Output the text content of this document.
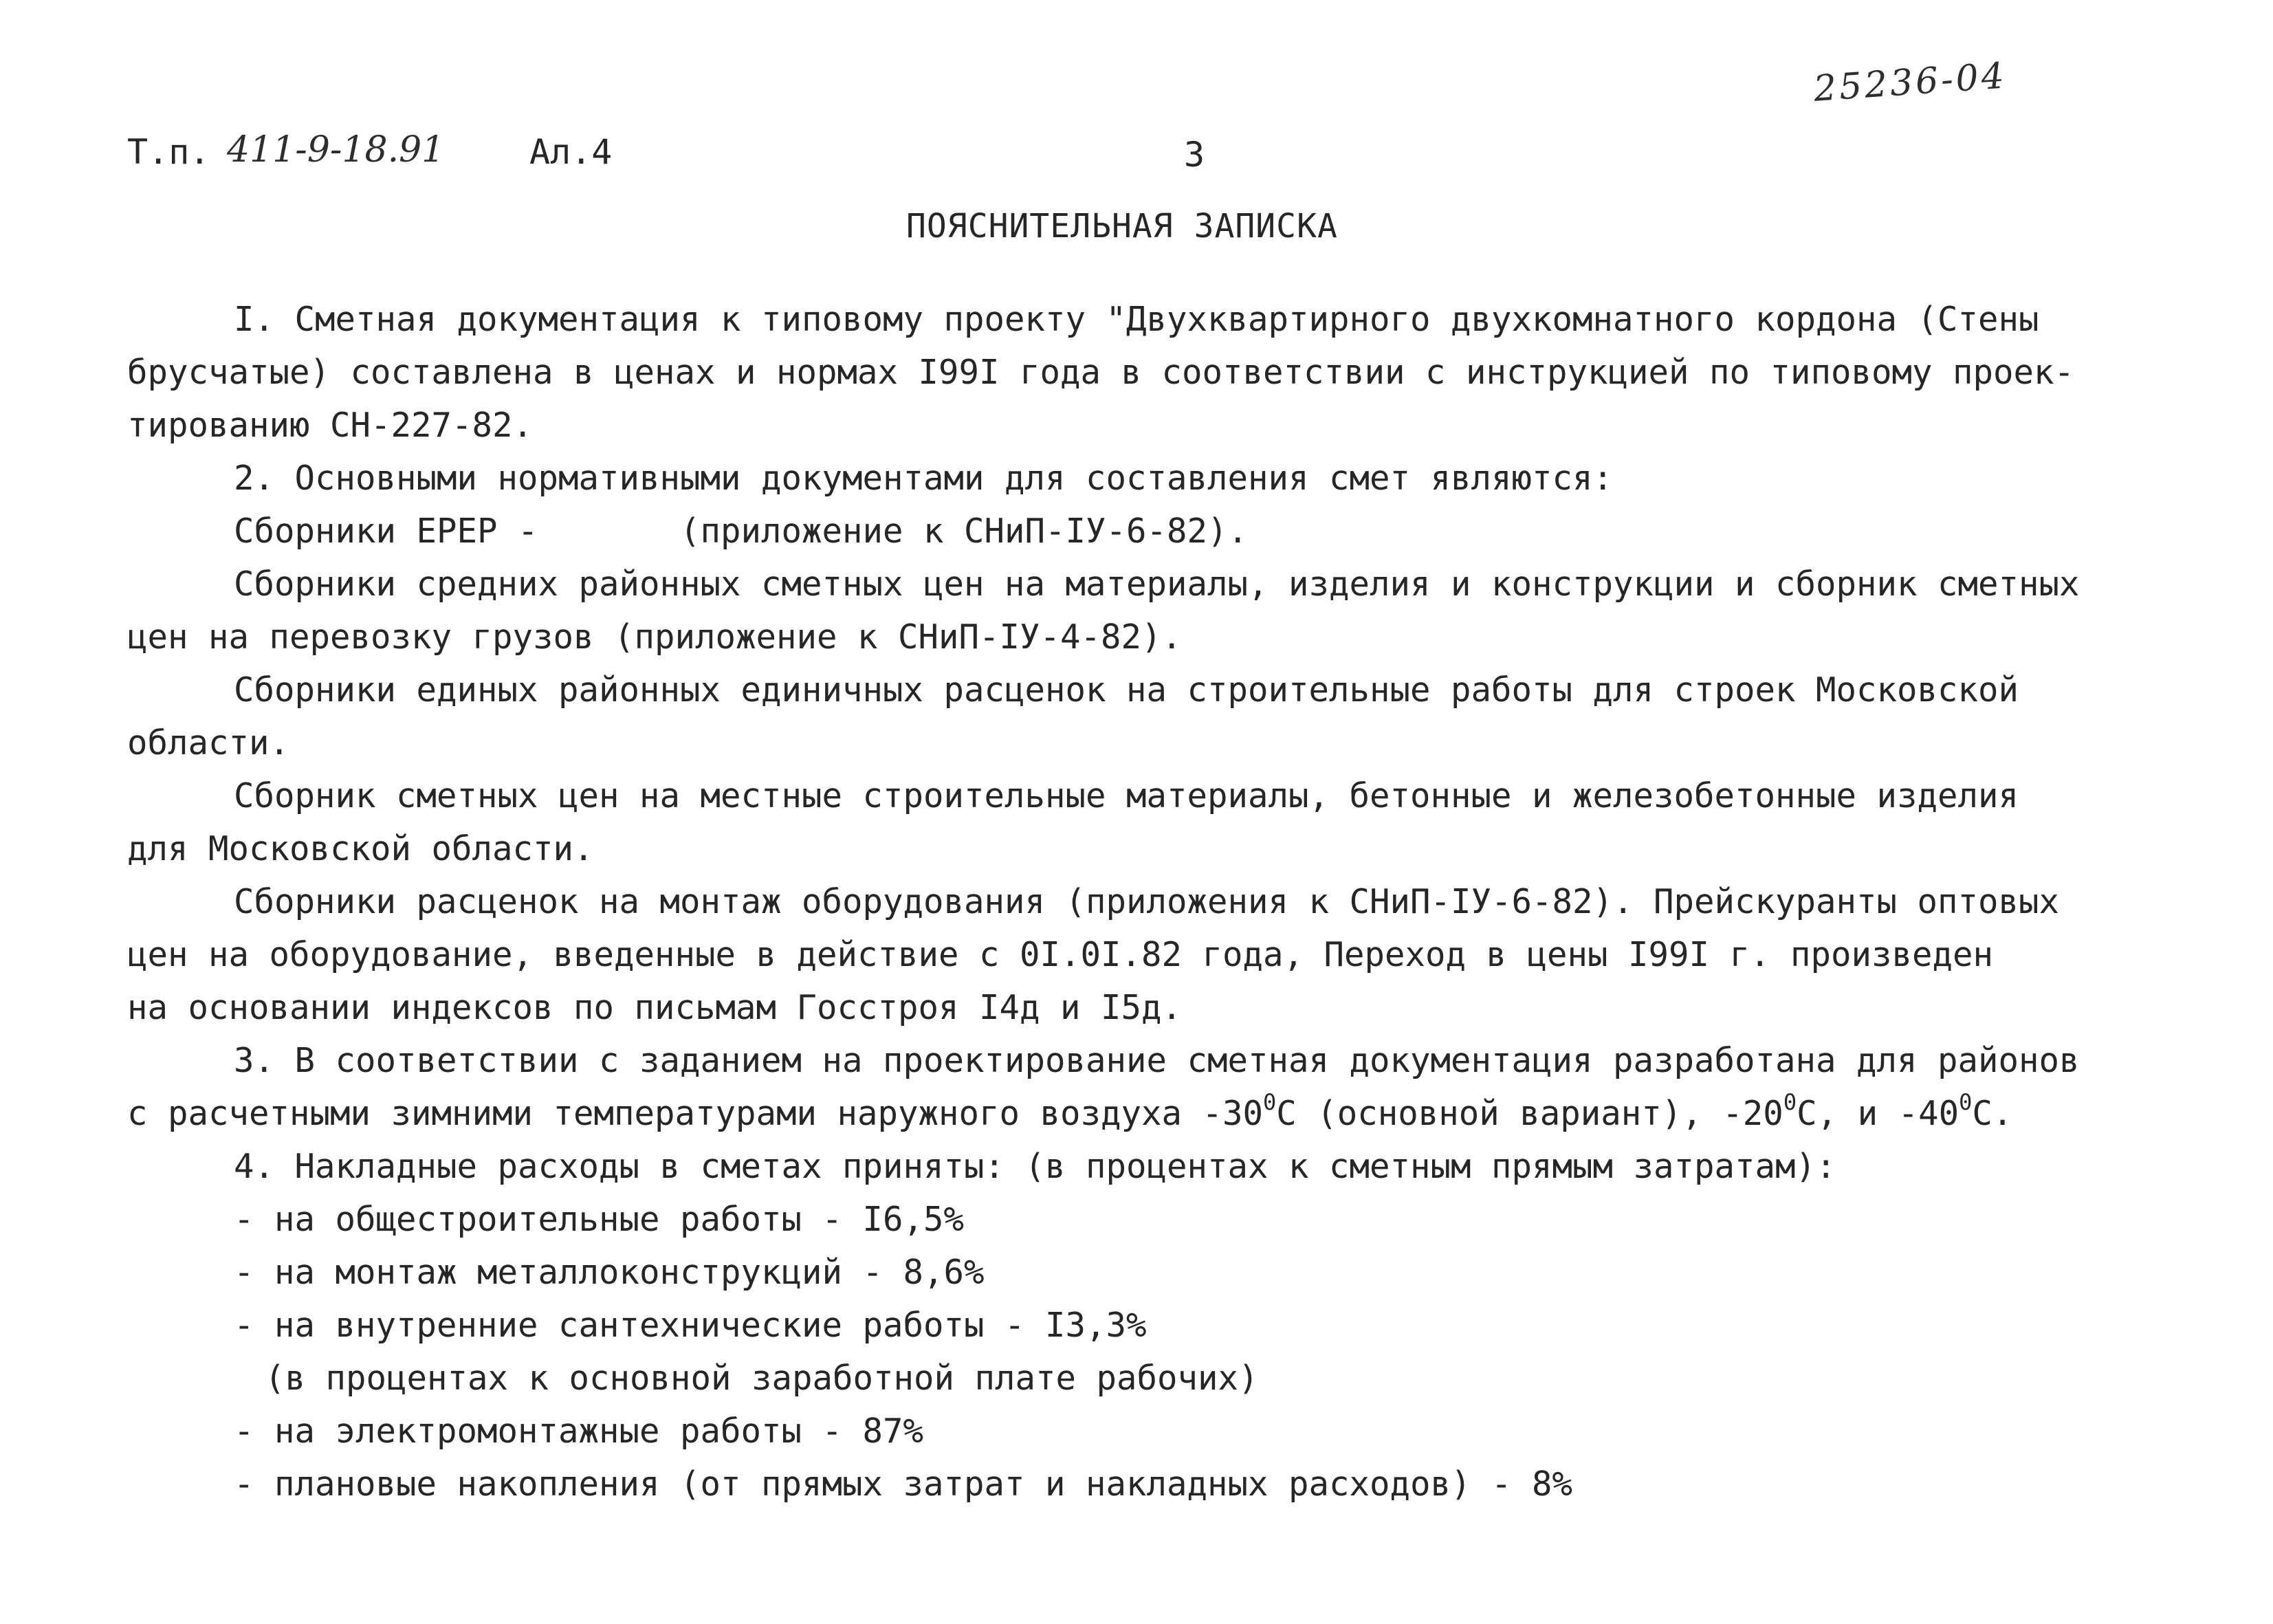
25236-04
Т.п. 411-9-18.91 Ал.4	3
ПОЯСНИТЕЛЬНАЯ ЗАПИСКА
I. Сметная документация к типовому проекту "Двухквартирного двухкомнатного кордона (Стены
брусчатые) составлена в ценах и нормах I99I года в соответствии с инструкцией по типовому проек-
тированию СН-227-82.
2. Основными нормативными документами для составления смет являются:
Сборники ЕРЕР -       (приложение к СНиП-IУ-6-82).
Сборники средних районных сметных цен на материалы, изделия и конструкции и сборник сметных
цен на перевозку грузов (приложение к СНиП-IУ-4-82).
Сборники единых районных единичных расценок на строительные работы для строек Московской
области.
Сборник сметных цен на местные строительные материалы, бетонные и железобетонные изделия
для Московской области.
Сборники расценок на монтаж оборудования (приложения к СНиП-IУ-6-82). Прейскуранты оптовых
цен на оборудование, введенные в действие с 0I.0I.82 года, Переход в цены I99I г. произведен
на основании индексов по письмам Госстроя I4д и I5д.
3. В соответствии с заданием на проектирование сметная документация разработана для районов
с расчетными зимними температурами наружного воздуха $-30^0С$ (основной вариант), $-20^0С$, и $-40^0С$.
4. Накладные расходы в сметах приняты: (в процентах к сметным прямым затратам):
- на общестроительные работы - I6,5%
- на монтаж металлоконструкций - 8,6%
- на внутренние сантехнические работы - I3,3%
(в процентах к основной заработной плате рабочих)
- на электромонтажные работы - 87%
- плановые накопления (от прямых затрат и накладных расходов) - 8%
